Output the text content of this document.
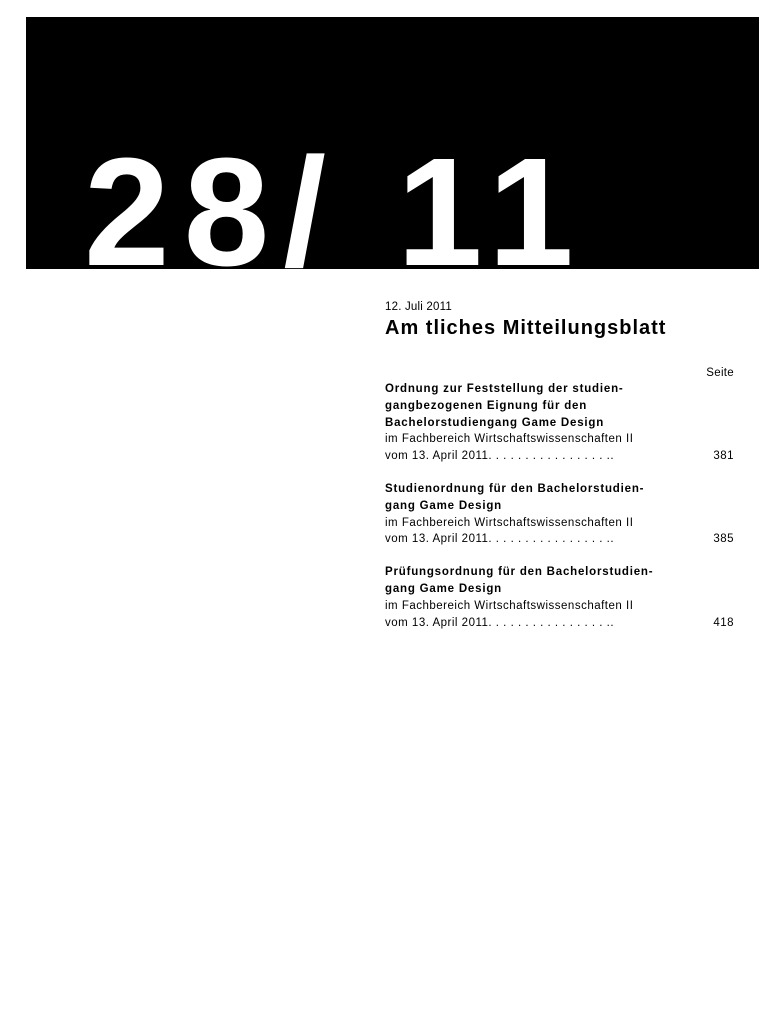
28/ 11
12. Juli 2011
Am tliches Mitteilungsblatt
Seite
Ordnung zur Feststellung der studien-
gangbezogenen Eignung für den
Bachelorstudiengang Game Design
im Fachbereich Wirtschaftswissenschaften II
vom 13. April 2011. . . . . . . . . . . . . . . . ..	381
Studienordnung für den Bachelorstudien-
gang Game Design
im Fachbereich Wirtschaftswissenschaften II
vom 13. April 2011. . . . . . . . . . . . . . . . ..	385
Prüfungsordnung für den Bachelorstudien-
gang Game Design
im Fachbereich Wirtschaftswissenschaften II
vom 13. April 2011. . . . . . . . . . . . . . . . ..	418
